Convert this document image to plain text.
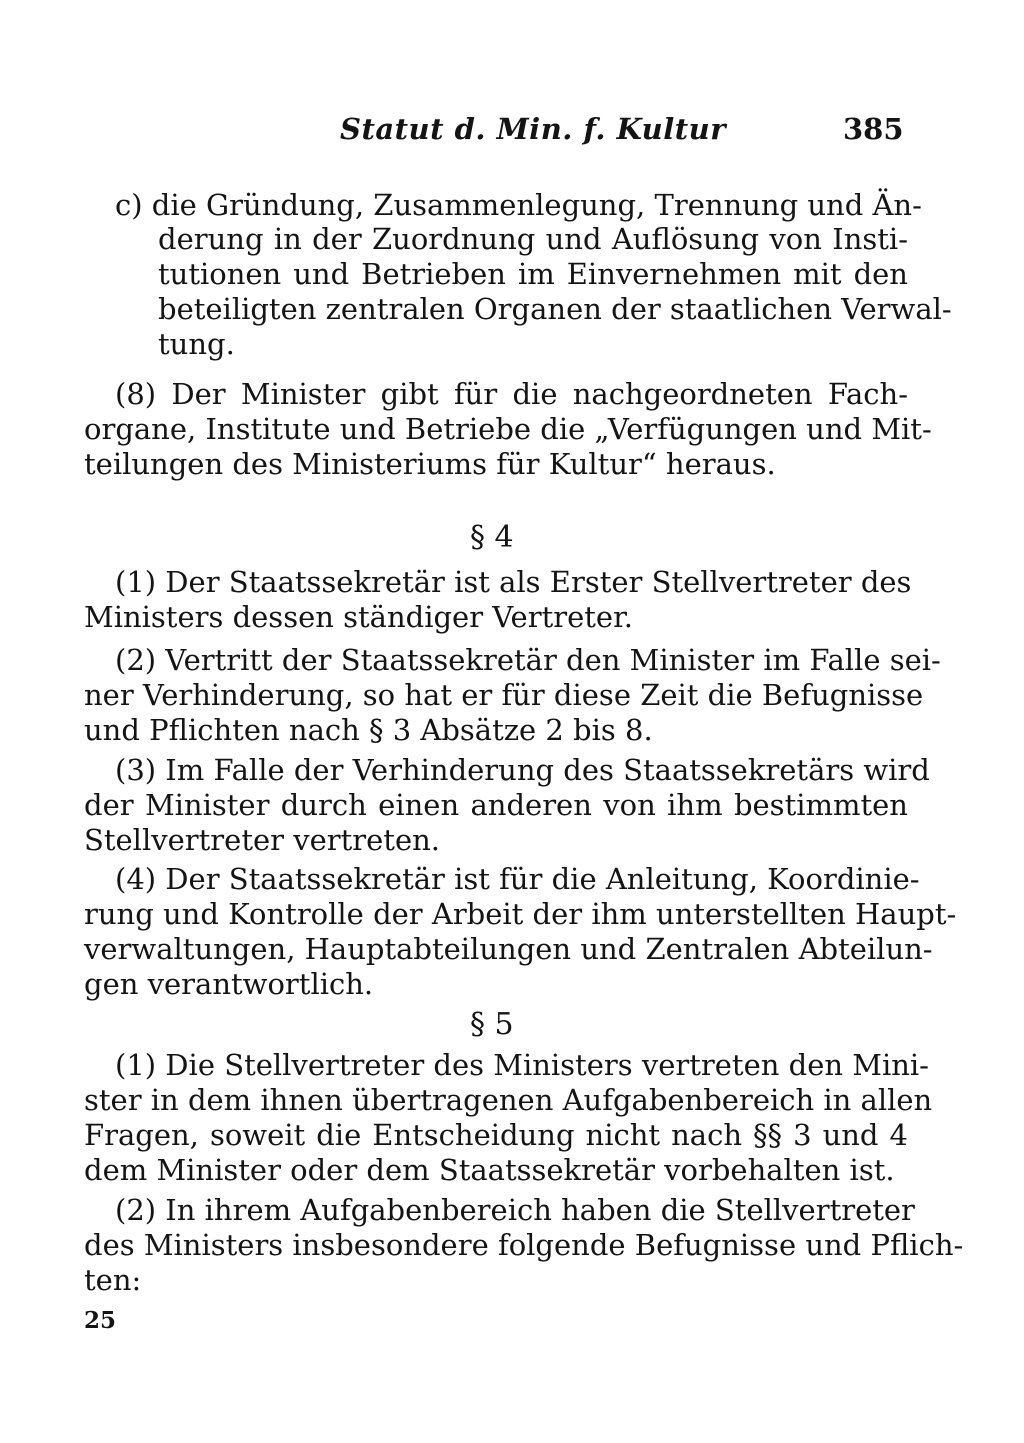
Statut d. Min. f. Kultur	385
c) die Gründung, Zusammenlegung, Trennung und Än-
derung in der Zuordnung und Auflösung von Insti-
tutionen und Betrieben im Einvernehmen mit den
beteiligten zentralen Organen der staatlichen Verwal-
tung.
(8) Der Minister gibt für die nachgeordneten Fach-
organe, Institute und Betriebe die „Verfügungen und Mit-
teilungen des Ministeriums für Kultur“ heraus.
§ 4
(1) Der Staatssekretär ist als Erster Stellvertreter des
Ministers dessen ständiger Vertreter.
(2) Vertritt der Staatssekretär den Minister im Falle sei-
ner Verhinderung, so hat er für diese Zeit die Befugnisse
und Pflichten nach § 3 Absätze 2 bis 8.
(3) Im Falle der Verhinderung des Staatssekretärs wird
der Minister durch einen anderen von ihm bestimmten
Stellvertreter vertreten.
(4) Der Staatssekretär ist für die Anleitung, Koordinie-
rung und Kontrolle der Arbeit der ihm unterstellten Haupt-
verwaltungen, Hauptabteilungen und Zentralen Abteilun-
gen verantwortlich.
§ 5
(1) Die Stellvertreter des Ministers vertreten den Mini-
ster in dem ihnen übertragenen Aufgabenbereich in allen
Fragen, soweit die Entscheidung nicht nach §§ 3 und 4
dem Minister oder dem Staatssekretär vorbehalten ist.
(2) In ihrem Aufgabenbereich haben die Stellvertreter
des Ministers insbesondere folgende Befugnisse und Pflich-
ten:
25
